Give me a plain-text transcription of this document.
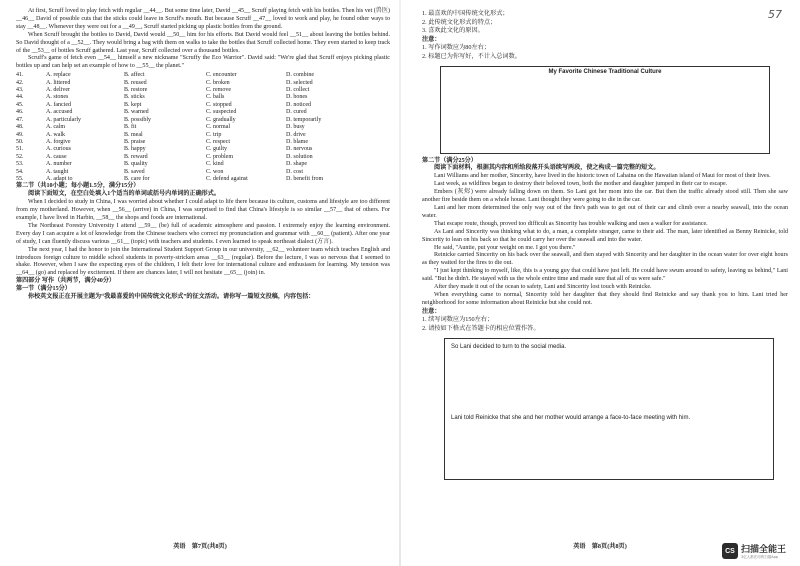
At first, Scruff loved to play fetch with regular __44__. But some time later, David __45__ Scruff playing fetch with his bottles. Then his vet (兽医) __46__ David of possible cuts that the sticks could leave in Scruff's mouth. But because Scruff __47__ loved to work and play, he found other ways to stay __48__. Whenever they were out for a __49__, Scruff started picking up plastic bottles from the ground.

When Scruff brought the bottles to David, David would __50__ him for his efforts. But David would feel __51__ about leaving the bottles behind. So David thought of a __52__. They would bring a bag with them on walks to take the bottles that Scruff collected home. They even started to keep track of the __53__ of bottles Scruff gathered. Last year, Scruff collected over a thousand bottles.

Scruff's game of fetch even __54__ himself a new nickname "Scruffy the Eco Warrior". David said: "We're glad that Scruff enjoys picking plastic bottles up and can help set an example of how to __55__ the planet."

41.	A. replace	B. affect	C. encounter	D. combine
42.	A. littered	B. reused	C. broken	D. selected
43.	A. deliver	B. restore	C. remove	D. collect
44.	A. stones	B. sticks	C. balls	D. bones
45.	A. fancied	B. kept	C. stopped	D. noticed
46.	A. accused	B. warned	C. suspected	D. cured
47.	A. particularly	B. possibly	C. gradually	D. temporarily
48.	A. calm	B. fit	C. normal	D. busy
49.	A. walk	B. meal	C. trip	D. drive
50.	A. forgive	B. praise	C. respect	D. blame
51.	A. curious	B. happy	C. guilty	D. nervous
52.	A. cause	B. reward	C. problem	D. solution
53.	A. number	B. quality	C. kind	D. shape
54.	A. taught	B. saved	C. won	D. cost
55.	A. adapt to	B. care for	C. defend against	D. benefit from

第二节（共10小题；每小题1.5分，满分15分）

阅读下面短文，在空白处填入1个适当的单词或括号内单词的正确形式。

When I decided to study in China, I was worried about whether I could adapt to life there because its culture, customs and lifestyle are too different from my motherland. However, when __56__ (arrive) in China, I was surprised to find that China's lifestyle is so similar __57__ that of others. For example, I have lived in Harbin, __58__ the shops and foods are international.

The Northeast Forestry University I attend __59__ (be) full of academic atmosphere and passion. I extremely enjoy the learning environment. Every day I can acquire a lot of knowledge from the Chinese teachers who correct my pronunciation and grammar with __60__ (patient). After one year of study, I can fluently discuss various __61__ (topic) with teachers and students. I even learned to speak northeast dialect (方言).

The next year, I had the honor to join the International Student Support Group in our university, __62__ volunteer team which teaches English and introduces foreign culture to middle school students in poverty-stricken areas __63__ (regular). Before the lecture, I was so nervous that I seemed to shake. However, when I saw the expecting eyes of the children, I felt their love for international culture and enthusiasm for learning. My tension was __64__ (go) and replaced by excitement. If there are chances later, I will not hesitate __65__ (join) in.

第四部分 写作（共两节，满分40分）

第一节（满分15分）

你校英文报正在开展主题为“我最喜爱的中国传统文化形式”的征文活动。请你写一篇短文投稿，内容包括：

英语　第7页(共8页)
57

1. 最喜欢的中国传统文化形式；

2. 此传统文化形式的特点；

3. 喜欢此文化的原因。

注意：

1. 写作词数应为80左右；

2. 标题已为你写好，不计入总词数。

My Favorite Chinese Traditional Culture

第二节（满分25分）

阅读下面材料，根据其内容和所给段落开头语续写两段，使之构成一篇完整的短文。

Lani Williams and her mother, Sincerity, have lived in the historic town of Lahaina on the Hawaiian island of Maui for most of their lives.

Last week, as wildfires began to destroy their beloved town, both the mother and daughter jumped in their car to escape.

Embers (灰烬) were already falling down on them. So Lani got her mom into the car. But then the traffic already stood still. Then she saw another fire beside them on a whole house. Lani thought they were going to die in the car.

Lani and her mom determined the only way out of the fire's path was to get out of their car and climb over a nearby seawall, into the ocean water.

That escape route, though, proved too difficult as Sincerity has trouble walking and uses a walker for assistance.

As Lani and Sincerity was thinking what to do, a man, a complete stranger, came to their aid. The man, later identified as Benny Reinicke, told Sincerity to lean on his back so that he could carry her over the seawall and into the water.

He said, "Auntie, put your weight on me. I got you there."

Reinicke carried Sincerity on his back over the seawall, and then stayed with Sincerity and her daughter in the ocean water for over eight hours as they waited for the fires to die out.

"I just kept thinking to myself, like, this is a young guy that could have just left. He could have swum around to safety, leaving us behind," Lani said. "But he didn't. He stayed with us the whole entire time and made sure that all of us were safe."

After they made it out of the ocean to safety, Lani and Sincerity lost touch with Reinicke.

When everything came to normal, Sincerity told her daughter that they should find Reinicke and say thank you to him. Lani tried her neighborhood for some information about Reinicke but she could not.

注意：

1. 续写词数应为150左右；

2. 请按如下格式在答题卡的相应位置作答。

So Lani decided to turn to the social media.
Lani told Reinicke that she and her mother would arrange a face-to-face meeting with him.
英语　第8页(共8页)
CS 扫描全能王
3亿人都在用的扫描App
